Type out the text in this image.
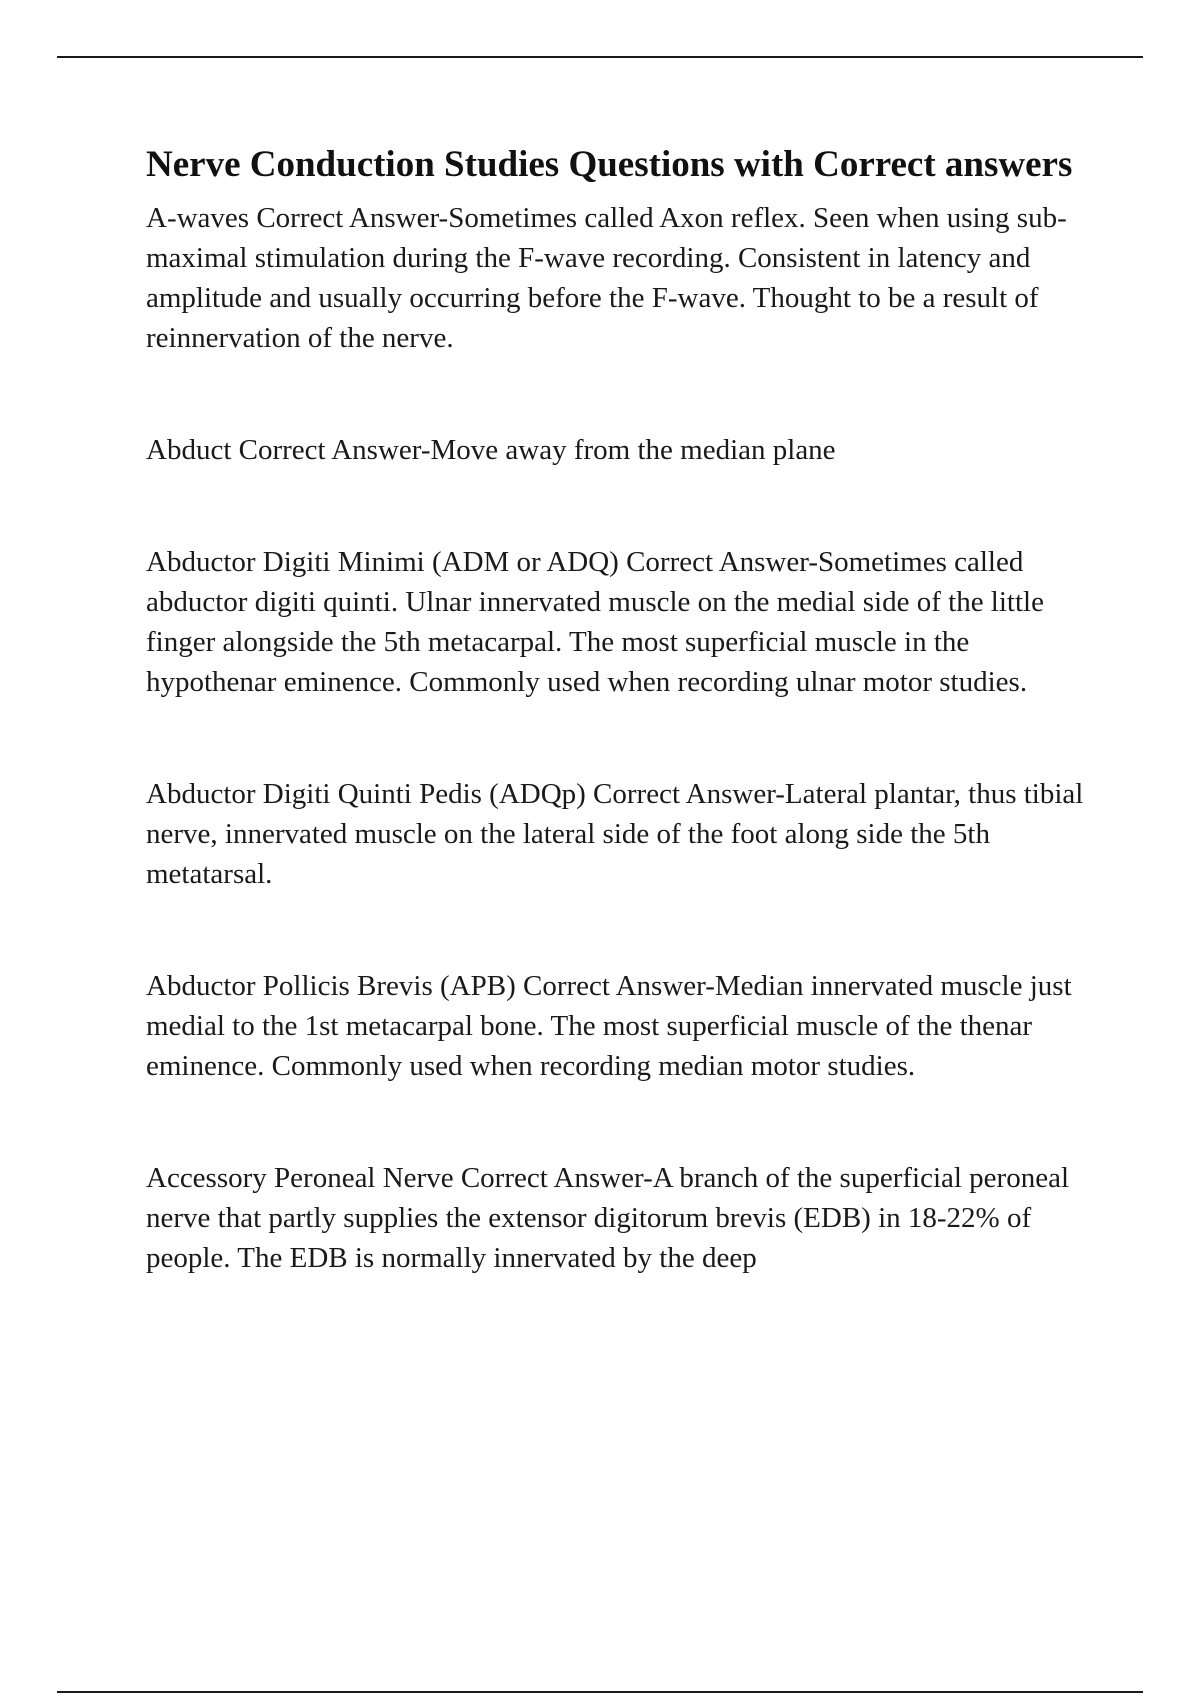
Nerve Conduction Studies Questions with Correct answers

A-waves Correct Answer-Sometimes called Axon reflex. Seen when using sub-maximal stimulation during the F-wave recording. Consistent in latency and amplitude and usually occurring before the F-wave. Thought to be a result of reinnervation of the nerve.

Abduct Correct Answer-Move away from the median plane

Abductor Digiti Minimi (ADM or ADQ) Correct Answer-Sometimes called abductor digiti quinti. Ulnar innervated muscle on the medial side of the little finger alongside the 5th metacarpal. The most superficial muscle in the hypothenar eminence. Commonly used when recording ulnar motor studies.

Abductor Digiti Quinti Pedis (ADQp) Correct Answer-Lateral plantar, thus tibial nerve, innervated muscle on the lateral side of the foot along side the 5th metatarsal.

Abductor Pollicis Brevis (APB) Correct Answer-Median innervated muscle just medial to the 1st metacarpal bone. The most superficial muscle of the thenar eminence. Commonly used when recording median motor studies.

Accessory Peroneal Nerve Correct Answer-A branch of the superficial peroneal nerve that partly supplies the extensor digitorum brevis (EDB) in 18-22% of people. The EDB is normally innervated by the deep
